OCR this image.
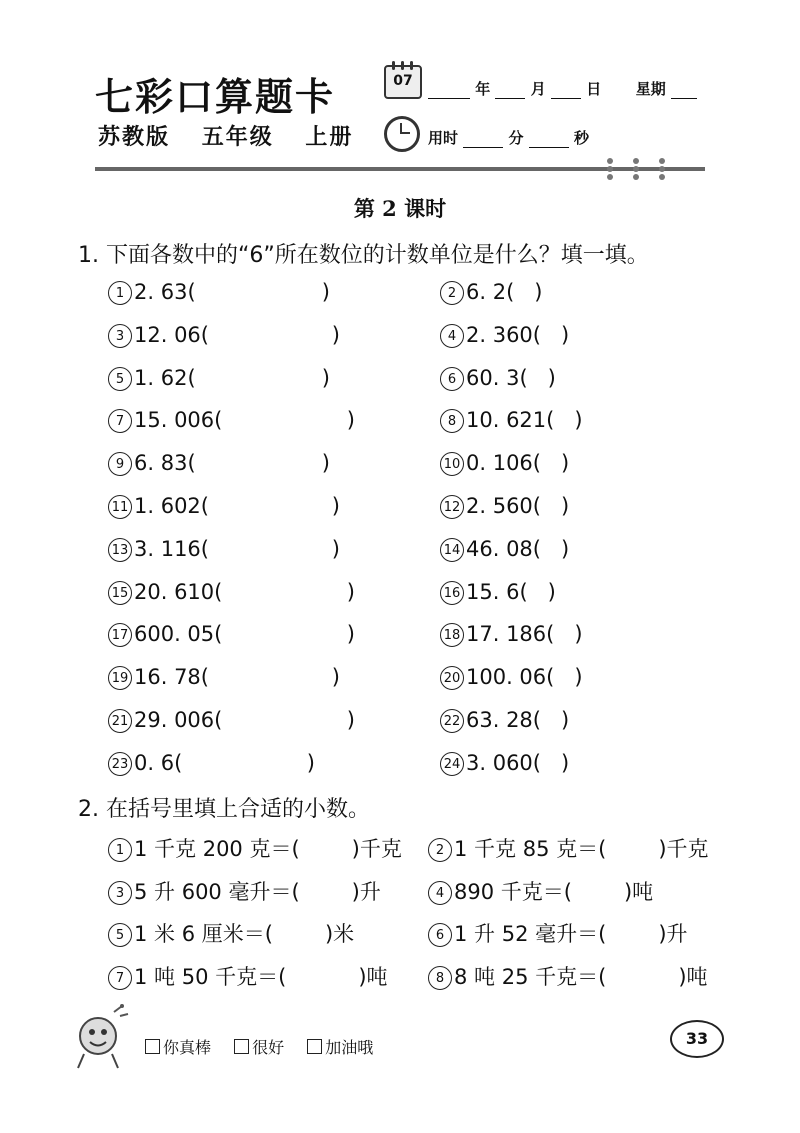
七彩口算题卡
苏教版 五年级 上册
07	年	月	日 星期
用时	分	秒
第 2 课时
1. 下面各数中的“6”所在数位的计数单位是什么？填一填。
1 2. 63(	)	2 6. 2( )
3 12. 06(	)	4 2. 360( )
5 1. 62(	)	6 60. 3( )
7 15. 006(	)	8 10. 621( )
9 6. 83(	)	10 0. 106( )
11 1. 602(	)	12 2. 560( )
13 3. 116(	)	14 46. 08( )
15 20. 610(	)	16 15. 6( )
17 600. 05(	)	18 17. 186( )
19 16. 78(	)	20 100. 06( )
21 29. 006(	)	22 63. 28( )
23 0. 6(	)	24 3. 060( )
2. 在括号里填上合适的小数。
1 1 千克 200 克＝( )千克	2 1 千克 85 克＝( )千克
3 5 升 600 毫升＝( )升	4 890 千克＝( )吨
5 1 米 6 厘米＝( )米	6 1 升 52 毫升＝( )升
7 1 吨 50 千克＝(	)吨	8 8 吨 25 千克＝(	)吨
你真棒	很好	加油哦	33
